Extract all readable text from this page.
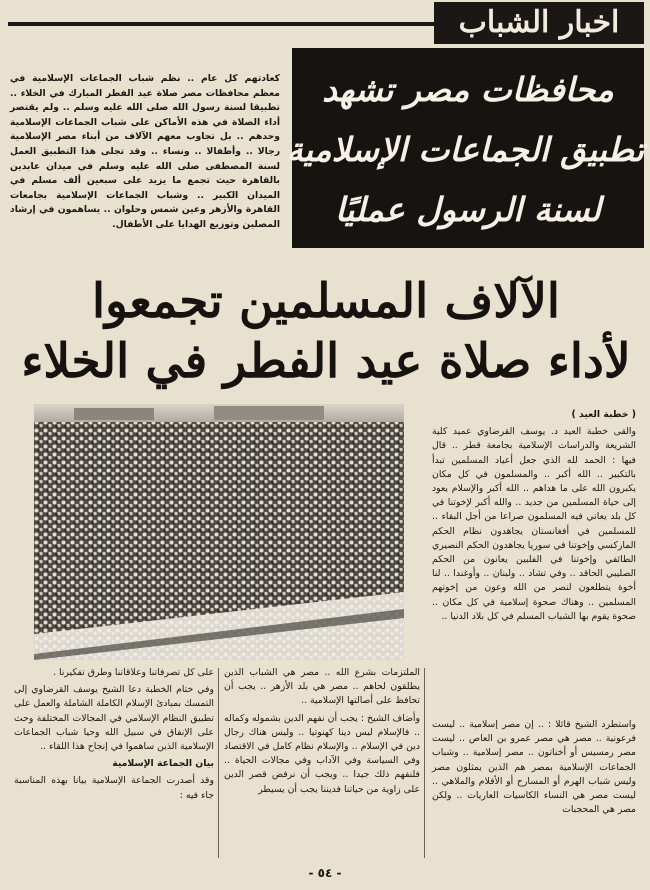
اخبار الشباب
كعادتهم كل عام .. نظم شباب الجماعات الإسلامية في معظم محافظات مصر صلاة عيد الفطر المبارك في الخلاء .. تطبيقا لسنة رسول الله صلى الله عليه وسلم .. ولم يقتصر أداء الصلاة في هذه الأماكن على شباب الجماعات الإسلامية وحدهم .. بل تجاوب معهم الآلاف من أبناء مصر الإسلامية رجالا .. وأطفالا .. ونساء .. وقد تجلى هذا التطبيق العمل لسنة المصطفى صلى الله عليه وسلم في ميدان عابدين بالقاهرة حيث تجمع ما يزيد على سبعين ألف مسلم في الميدان الكبير .. وشباب الجماعات الإسلامية بجامعات القاهرة والأزهر وعين شمس وحلوان .. يساهمون في إرشاد المصلين وتوزيع الهدايا على الأطفال.
محافظات مصر تشهد
تطبيق الجماعات الإسلامية
لسنة الرسول عمليًا
الآلاف المسلمين تجمعوا
لأداء صلاة عيد الفطر في الخلاء

( خطبة العيد )

والقى خطبة العيد د. يوسف القرضاوي عميد كلية الشريعة والدراسات الإسلامية بجامعة قطر .. قال فيها : الحمد لله الذي جعل أعياد المسلمين تبدأ بالتكبير .. الله أكبر .. والمسلمون في كل مكان يكبرون الله على ما هداهم .. الله أكبر والإسلام يعود إلى حياة المسلمين من جديد .. والله أكبر لإخوتنا في كل بلد يعاني فيه المسلمون صراعا من أجل البقاء .. للمسلمين في أفغانستان يجاهدون نظام الحكم الماركسي وإخوتنا في سوريا يجاهدون الحكم النصيري الطائفي وإخوتنا في الفلبين يعانون من الحكم الصليبي الحاقد .. وفي تشاد .. ولبنان .. وأوغندا .. لنا أخوة يتطلعون لنصر من الله وعون من إخوتهم المسلمين .. وهناك صحوة إسلامية في كل مكان .. صحوة يقوم بها الشباب المسلم في كل بلاد الدنيا ..

واستطرد الشيخ قائلا : .. إن مصر إسلامية .. ليست فرعونية .. مصر هي مصر عمرو بن العاص .. ليست مصر رمسيس أو أخناتون .. مصر إسلامية .. وشباب الجماعات الإسلامية بمصر هم الذين يمثلون مصر وليس شباب الهرم أو المسارح أو الأفلام والملاهي .. ليست مصر هي النساء الكاسيات العاريات .. ولكن مصر هي المحجبات

الملتزمات بشرع الله .. مصر هي الشباب الذين يطلقون لحاهم .. مصر هي بلد الأزهر .. يجب أن تحافظ على أصالتها الإسلامية ..

وأضاف الشيخ : يجب أن نفهم الدين بشموله وكماله .. فالإسلام ليس دينا كهنوتيا .. وليس هناك رجال دين في الإسلام .. والإسلام نظام كامل في الاقتصاد وفي السياسة وفي الآداب وفي مجالات الحياة .. فلنفهم ذلك جيدا .. ويجب أن نرفض قصر الدين على زاوية من حياتنا فديننا يجب أن يسيطر

على كل تصرفاتنا وعلاقاتنا وطرق تفكيرنا .

وفي ختام الخطبة دعا الشيخ يوسف القرضاوي إلى التمسك بمبادئ الإسلام الكاملة الشاملة والعمل على تطبيق النظام الإسلامي في المجالات المختلفة وحث على الإنفاق في سبيل الله وحيا شباب الجماعات الإسلامية الذين ساهموا في إنجاح هذا اللقاء ..

بيان الجماعة الإسلامية

وقد أصدرت الجماعة الإسلامية بيانا بهذه المناسبة جاء فيه :

- ٥٤ -
